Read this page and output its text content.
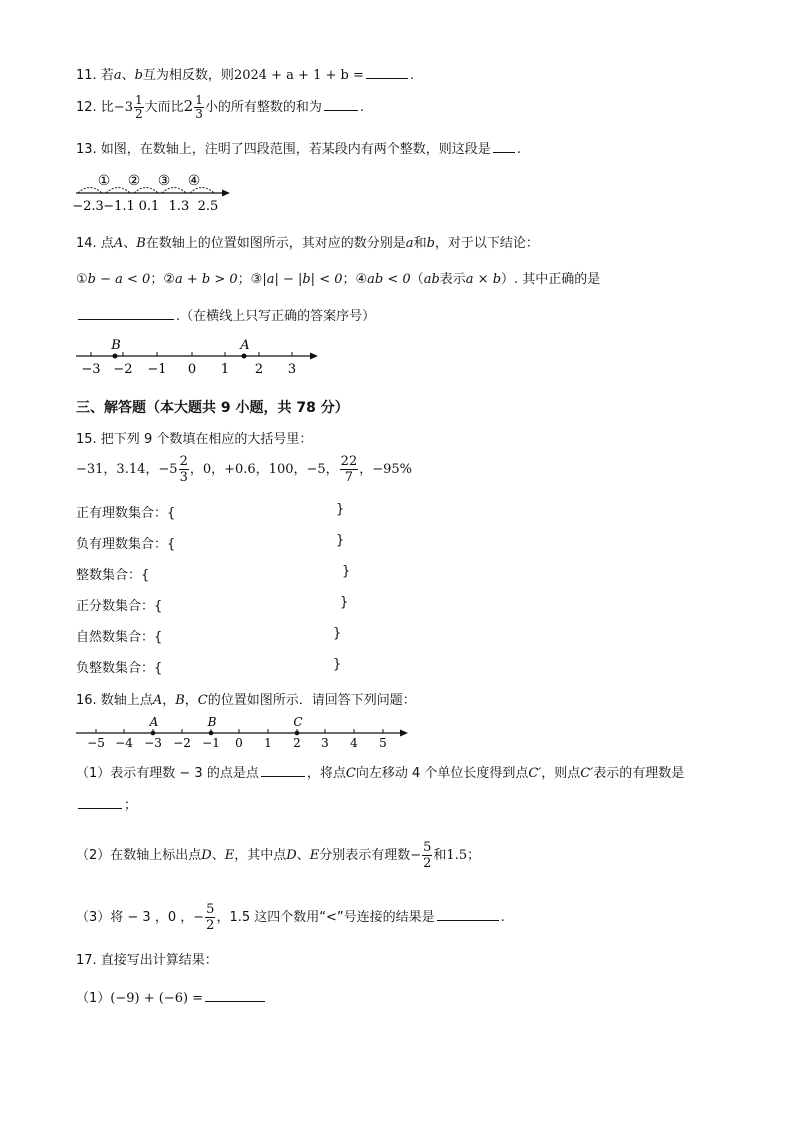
11. 若a、b互为相反数，则2024 + a + 1 + b =	.
12. 比$-3 \frac{1}{2}$ 大而比$2 \frac{1}{3}$ 小的所有整数的和为	.
13. 如图，在数轴上，注明了四段范围，若某段内有两个整数，则这段是 .
① ② ③ ④
−2.3 −1.1 0.1 1.3 2.5
14. 点A、B在数轴上的位置如图所示，其对应的数分别是a和b，对于以下结论：
①b − a < 0；②a + b > 0；③|a| − |b| < 0；④ab < 0（ab表示a × b）. 其中正确的是
.（在横线上只写正确的答案序号）
B	A
−3 −2 −1 0 1 2 3
三、解答题（本大题共 9 小题，共 78 分）
15. 把下列 9 个数填在相应的大括号里：
−31，3.14，$-5 \frac{2}{3}$ ，0，+0.6，100，−5， $\frac{22}{7}$ ，−95%
正有理数集合：{	}
负有理数集合：{	}
整数集合：{	}
正分数集合：{	}
自然数集合：{	}
负整数集合：{	}
16. 数轴上点A，B，C的位置如图所示．请回答下列问题：
A	B	C
−5 −4 −3 −2 −1 0 1 2 3 4 5
（1）表示有理数 − 3 的点是点	，将点C向左移动 4 个单位长度得到点C′，则点C′表示的有理数是
；
（2）在数轴上标出点D、E，其中点D、E分别表示有理数− $\frac{5}{2}$ 和1.5；
（3）将 − 3 ，0 ，− $\frac{5}{2}$ ，1.5 这四个数用“<”号连接的结果是	.
17. 直接写出计算结果：
（1）(−9) + (−6) =
